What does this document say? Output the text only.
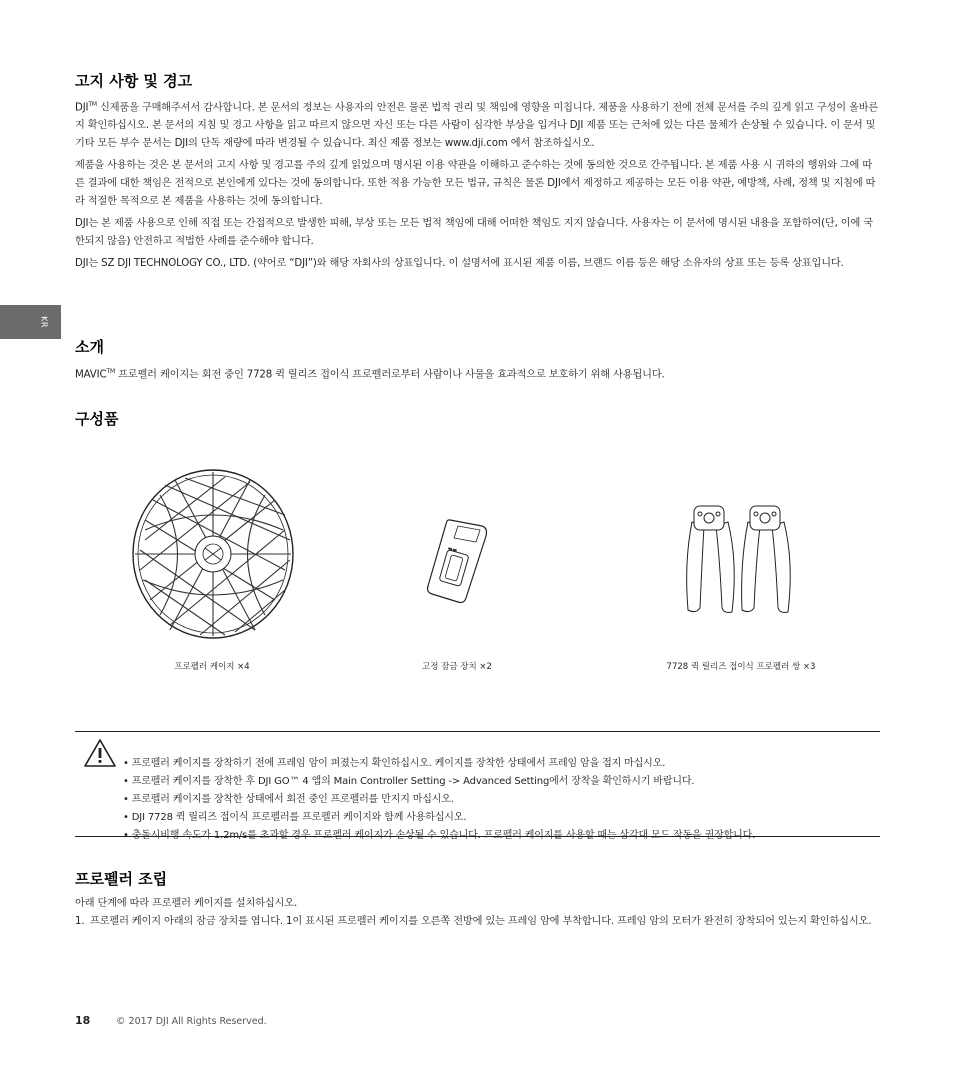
KR
고지 사항 및 경고

DJI™ 신제품을 구매해주셔서 감사합니다. 본 문서의 정보는 사용자의 안전은 물론 법적 권리 및 책임에 영향을 미칩니다. 제품을 사용하기 전에 전체 문서를 주의 깊게 읽고 구성이 올바른지 확인하십시오. 본 문서의 지침 및 경고 사항을 읽고 따르지 않으면 자신 또는 다른 사람이 심각한 부상을 입거나 DJI 제품 또는 근처에 있는 다른 물체가 손상될 수 있습니다. 이 문서 및 기타 모든 부수 문서는 DJI의 단독 재량에 따라 변경될 수 있습니다. 최신 제품 정보는 www.dji.com 에서 참조하십시오.

제품을 사용하는 것은 본 문서의 고지 사항 및 경고를 주의 깊게 읽었으며 명시된 이용 약관을 이해하고 준수하는 것에 동의한 것으로 간주됩니다. 본 제품 사용 시 귀하의 행위와 그에 따른 결과에 대한 책임은 전적으로 본인에게 있다는 것에 동의합니다. 또한 적용 가능한 모든 법규, 규칙은 물론 DJI에서 제정하고 제공하는 모든 이용 약관, 예방책, 사례, 정책 및 지침에 따라 적절한 목적으로 본 제품을 사용하는 것에 동의합니다.

DJI는 본 제품 사용으로 인해 직접 또는 간접적으로 발생한 피해, 부상 또는 모든 법적 책임에 대해 어떠한 책임도 지지 않습니다. 사용자는 이 문서에 명시된 내용을 포함하여(단, 이에 국한되지 않음) 안전하고 적법한 사례를 준수해야 합니다.

DJI는 SZ DJI TECHNOLOGY CO., LTD. (약어로 “DJI”)와 해당 자회사의 상표입니다. 이 설명서에 표시된 제품 이름, 브랜드 이름 등은 해당 소유자의 상표 또는 등록 상표입니다.

소개

MAVIC™ 프로펠러 케이지는 회전 중인 7728 퀵 릴리즈 접이식 프로펠러로부터 사람이나 사물을 효과적으로 보호하기 위해 사용됩니다.

구성품
프로펠러 케이지 ×4
▬▬
고정 잠금 장치 ×2	7728 퀵 릴리즈 접이식 프로펠러 쌍 ×3
• 프로펠러 케이지를 장착하기 전에 프레임 암이 펴졌는지 확인하십시오. 케이지를 장착한 상태에서 프레임 암을 접지 마십시오.
• 프로펠러 케이지를 장착한 후 DJI GO™ 4 앱의 Main Controller Setting -> Advanced Setting에서 장착을 확인하시기 바랍니다.
• 프로펠러 케이지를 장착한 상태에서 회전 중인 프로펠러를 만지지 마십시오.
• DJI 7728 퀵 릴리즈 접이식 프로펠러를 프로펠러 케이지와 함께 사용하십시오.
• 충돌시비행 속도가 1.2m/s를 초과할 경우 프로펠러 케이지가 손상될 수 있습니다. 프로펠러 케이지를 사용할 때는 삼각대 모드 작동을 권장합니다.
프로펠러 조립

아래 단계에 따라 프로펠러 케이지를 설치하십시오.

1. 프로펠러 케이지 아래의 잠금 장치를 엽니다. 1이 표시된 프로펠러 케이지를 오른쪽 전방에 있는 프레임 암에 부착합니다. 프레임 암의 모터가 완전히 장착되어 있는지 확인하십시오.
18	© 2017 DJI All Rights Reserved.
